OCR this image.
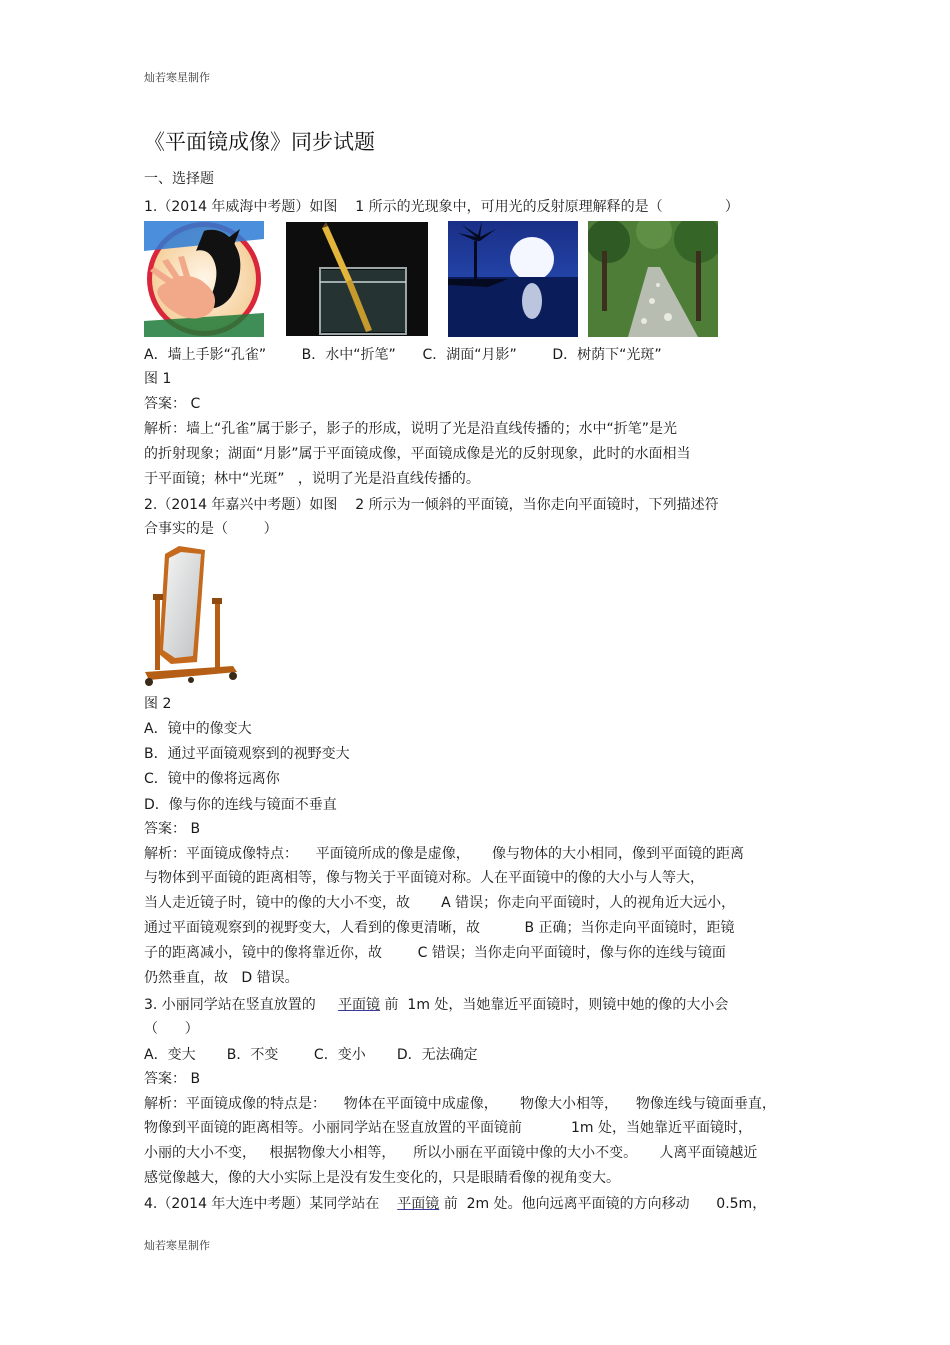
灿若寒星制作
《平面镜成像》同步试题
一、选择题
1.（2014 年威海中考题）如图    1 所示的光现象中，可用光的反射原理解释的是（              ）
A．墙上手影“孔雀”        B．水中“折笔”      C．湖面“月影”        D．树荫下“光斑”
图 1
答案： C
解析：墙上“孔雀”属于影子，影子的形成，说明了光是沿直线传播的；水中“折笔”是光
的折射现象；湖面“月影”属于平面镜成像，平面镜成像是光的反射现象，此时的水面相当
于平面镜；林中“光斑”   ，说明了光是沿直线传播的。
2.（2014 年嘉兴中考题）如图    2 所示为一倾斜的平面镜，当你走向平面镜时，下列描述符
合事实的是（        ）
图 2
A．镜中的像变大
B．通过平面镜观察到的视野变大
C．镜中的像将远离你
D．像与你的连线与镜面不垂直
答案： B
解析：平面镜成像特点：    平面镜所成的像是虚像，     像与物体的大小相同，像到平面镜的距离
与物体到平面镜的距离相等，像与物关于平面镜对称。人在平面镜中的像的大小与人等大，
当人走近镜子时，镜中的像的大小不变，故       A 错误；你走向平面镜时，人的视角近大远小，
通过平面镜观察到的视野变大，人看到的像更清晰，故          B 正确；当你走向平面镜时，距镜
子的距离减小，镜中的像将靠近你，故        C 错误；当你走向平面镜时，像与你的连线与镜面
仍然垂直，故   D 错误。
（      ）
A．变大       B．不变        C．变小       D．无法确定
答案： B
解析：平面镜成像的特点是：    物体在平面镜中成虚像，     物像大小相等，    物像连线与镜面垂直，
物像到平面镜的距离相等。小丽同学站在竖直放置的平面镜前           1m 处，当她靠近平面镜时，
小丽的大小不变，   根据物像大小相等，    所以小丽在平面镜中像的大小不变。     人离平面镜越近
感觉像越大，像的大小实际上是没有发生变化的，只是眼睛看像的视角变大。
3. 小丽同学站在竖直放置的     平面镜 前  1m 处，当她靠近平面镜时，则镜中她的像的大小会
4.（2014 年大连中考题）某同学站在    平面镜 前  2m 处。他向远离平面镜的方向移动      0.5m，
灿若寒星制作
